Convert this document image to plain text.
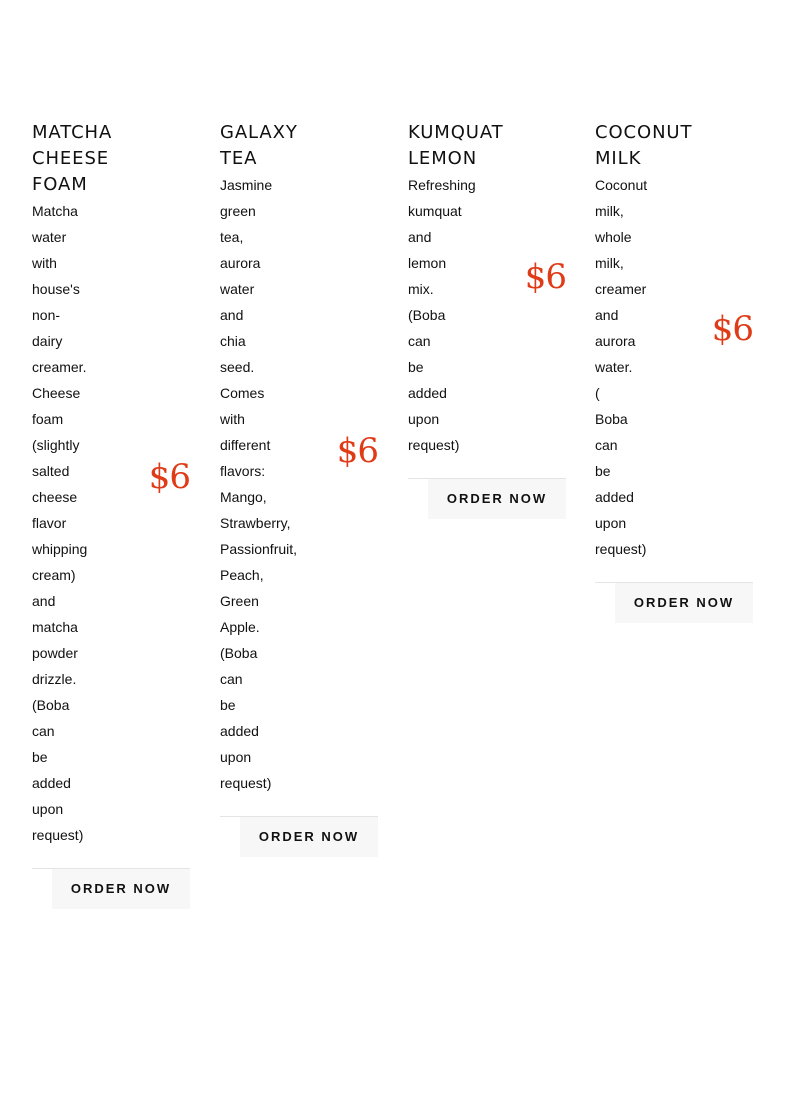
MATCHA CHEESE FOAM
Matcha water with house's non- dairy creamer. Cheese foam (slightly salted cheese flavor whipping cream) and matcha powder drizzle. (Boba can be added upon request)
$6
ORDER NOW
GALAXY TEA
Jasmine green tea, aurora water and chia seed. Comes with different flavors: Mango, Strawberry, Passionfruit, Peach, Green Apple. (Boba can be added upon request)
$6
ORDER NOW
KUMQUAT LEMON
Refreshing kumquat and lemon mix. (Boba can be added upon request)
$6
ORDER NOW
COCONUT MILK
Coconut milk, whole milk, creamer and aurora water. ( Boba can be added upon request)
$6
ORDER NOW
